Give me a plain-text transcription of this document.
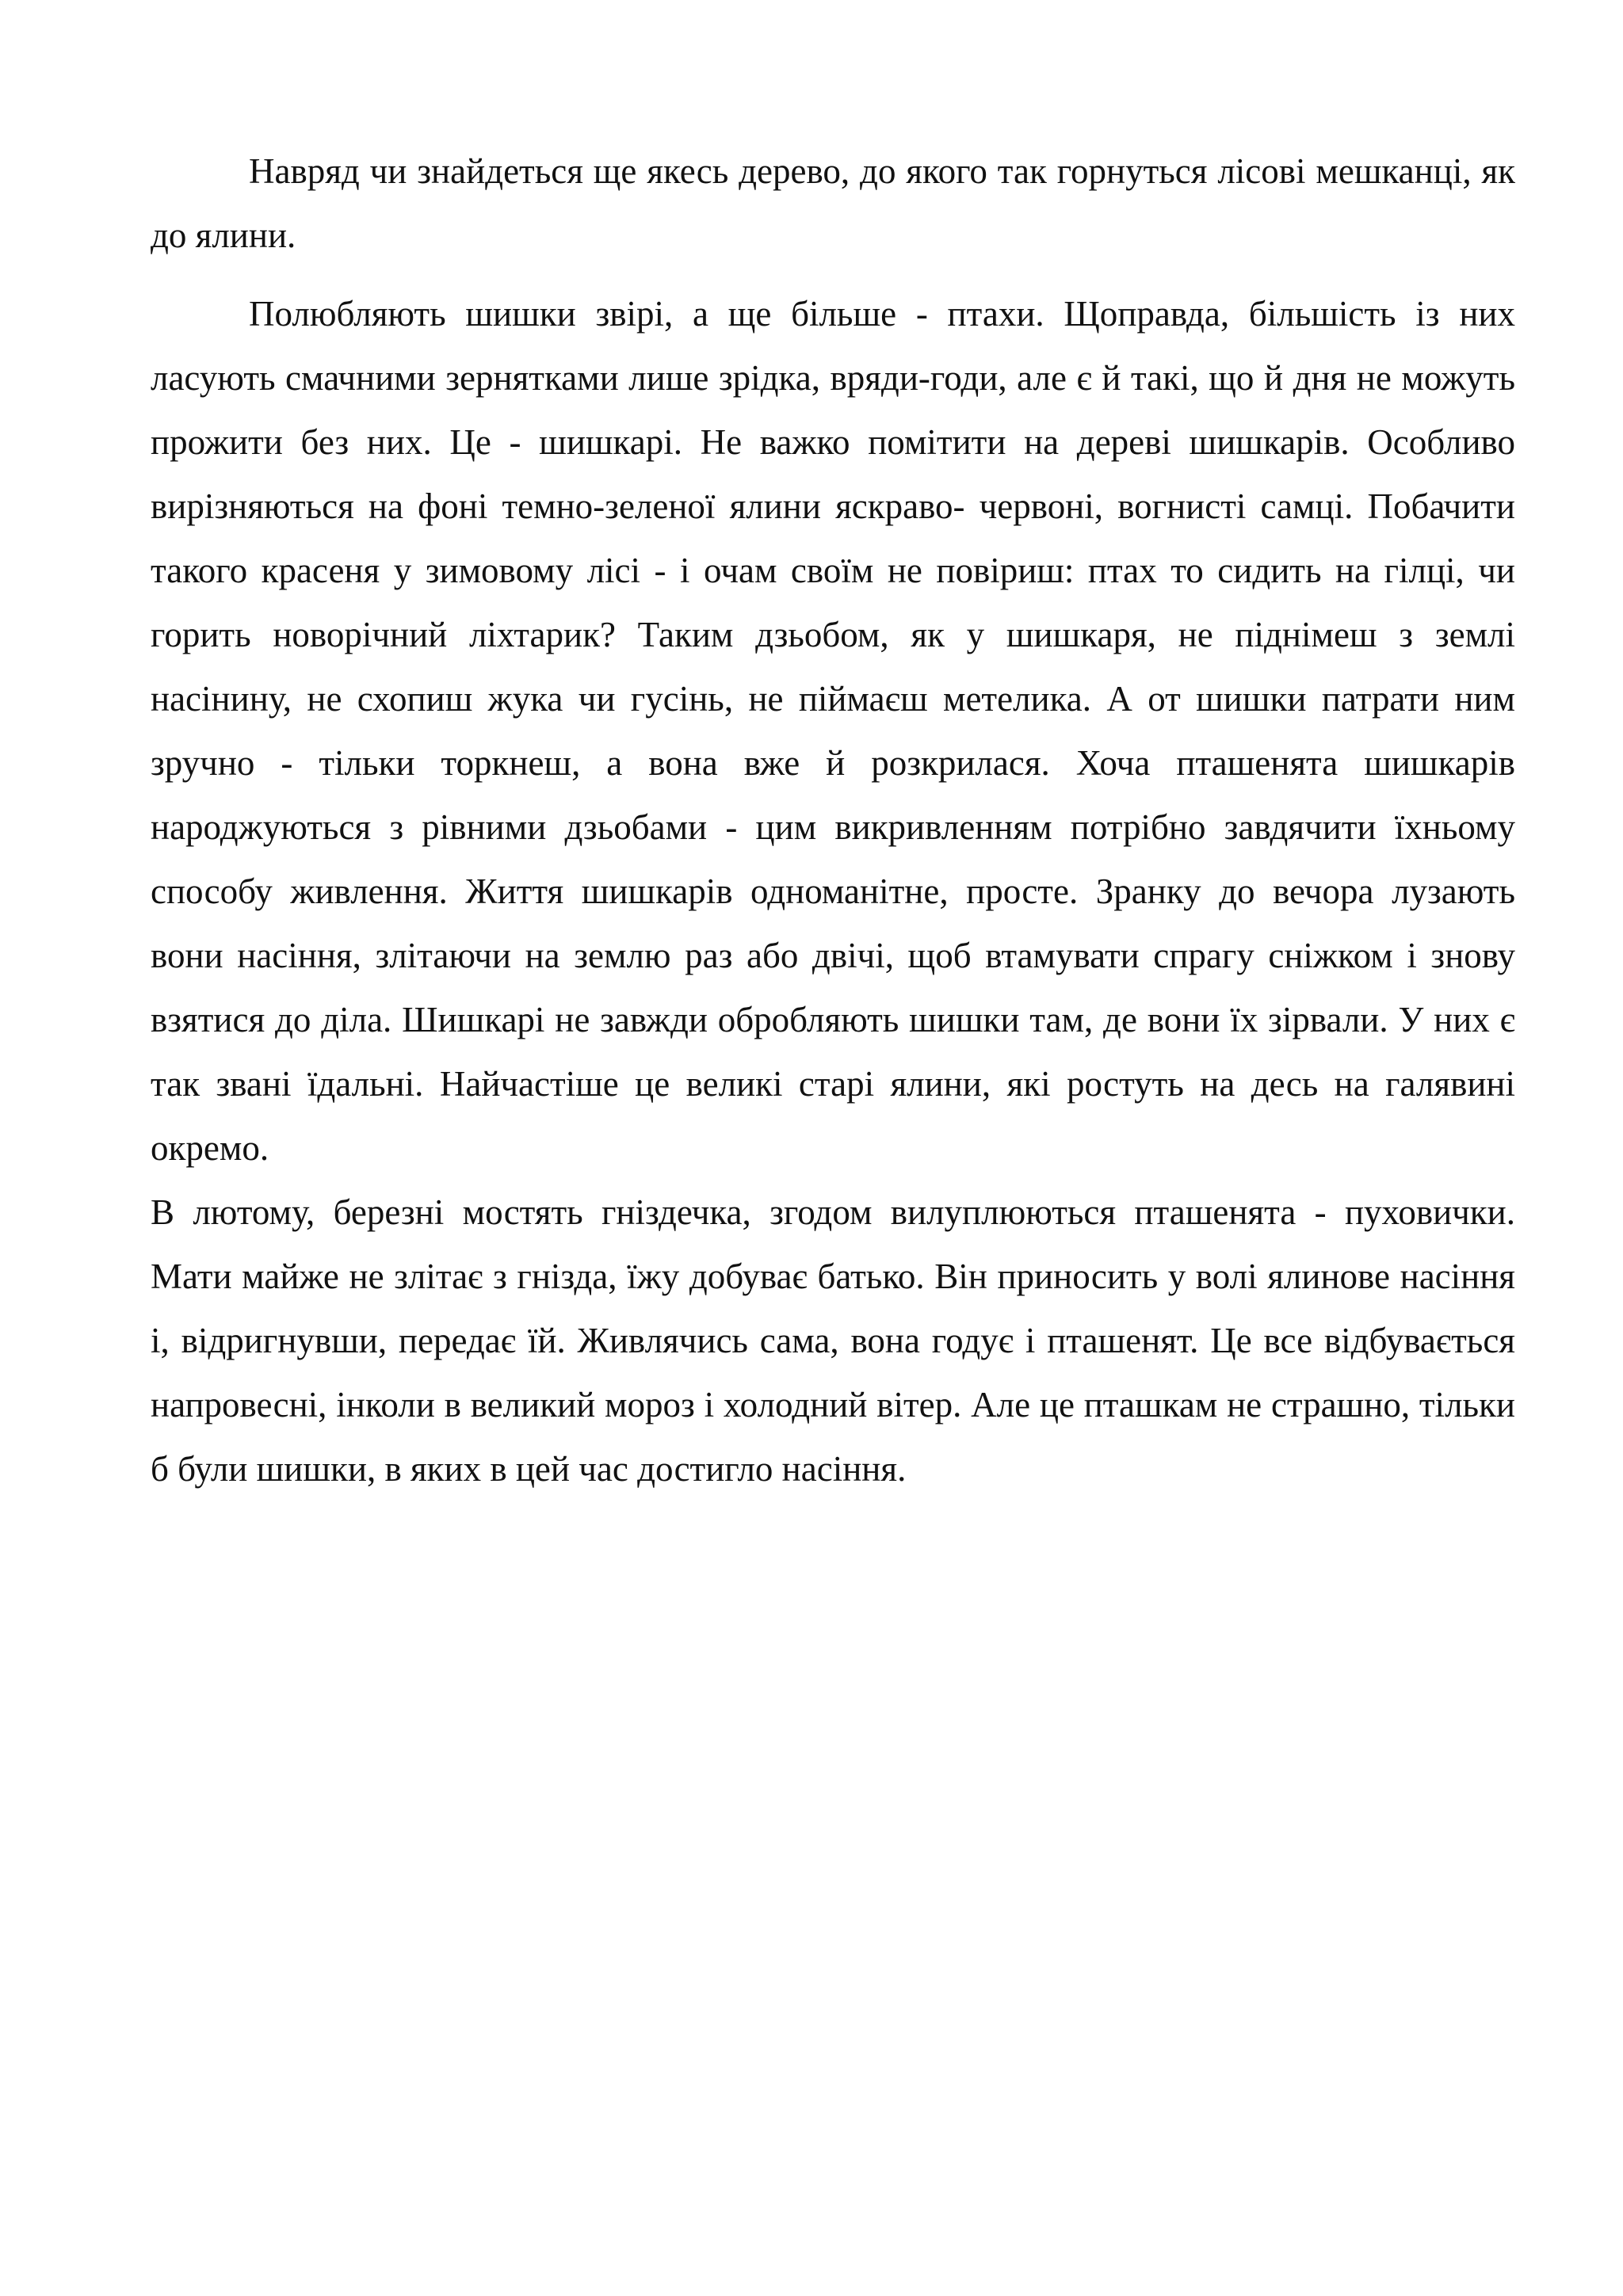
Навряд чи знайдеться ще якесь дерево, до якого так горнуться лісові мешканці, як до ялини.

Полюбляють шишки звірі, а ще більше - птахи. Щоправда, більшість із них ласують смачними зернятками лише зрідка, вряди-годи, але є й такі, що й дня не можуть прожити без них. Це - шишкарі. Не важко помітити на дереві шишкарів. Особливо вирізняються на фоні темно-зеленої ялини яскраво- червоні, вогнисті самці. Побачити такого красеня у зимовому лісі - і очам своїм не повіриш: птах то сидить на гілці, чи горить новорічний ліхтарик? Таким дзьобом, як у шишкаря, не піднімеш з землі насінину, не схопиш жука чи гусінь, не піймаєш метелика. А от шишки патрати ним зручно - тільки торкнеш, а вона вже й розкрилася. Хоча пташенята шишкарів народжуються з рівними дзьобами - цим викривленням потрібно завдячити їхньому способу живлення. Життя шишкарів одноманітне, просте. Зранку до вечора лузають вони насіння, злітаючи на землю раз або двічі, щоб втамувати спрагу сніжком і знову взятися до діла. Шишкарі не завжди обробляють шишки там, де вони їх зірвали. У них є так звані їдальні. Найчастіше це великі старі ялини, які ростуть на десь на галявині окремо.

В лютому, березні мостять гніздечка, згодом вилуплюються пташенята - пуховички. Мати майже не злітає з гнізда, їжу добуває батько. Він приносить у волі ялинове насіння і, відригнувши, передає їй. Живлячись сама, вона годує і пташенят. Це все відбувається напровесні, інколи в великий мороз і холодний вітер. Але це пташкам не страшно, тільки б були шишки, в яких в цей час достигло насіння.
